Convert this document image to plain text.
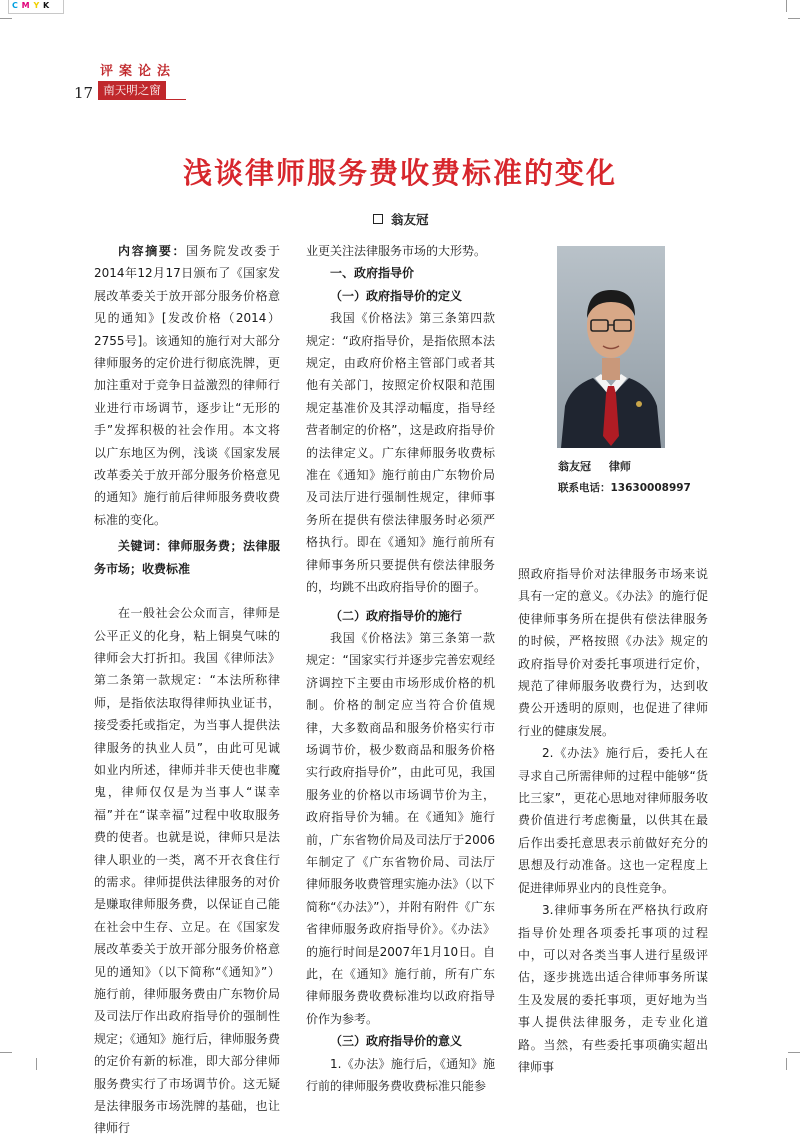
C M Y K
评案论法
17 南天明之窗
浅谈律师服务费收费标准的变化
翁友冠

内容摘要：国务院发改委于2014年12月17日颁布了《国家发展改革委关于放开部分服务价格意见的通知》[发改价格（2014）2755号]。该通知的施行对大部分律师服务的定价进行彻底洗牌，更加注重对于竞争日益激烈的律师行业进行市场调节，逐步让“无形的手”发挥积极的社会作用。本文将以广东地区为例，浅谈《国家发展改革委关于放开部分服务价格意见的通知》施行前后律师服务费收费标准的变化。

关键词：律师服务费；法律服务市场；收费标准

在一般社会公众而言，律师是公平正义的化身，粘上铜臭气味的律师会大打折扣。我国《律师法》第二条第一款规定：“本法所称律师，是指依法取得律师执业证书，接受委托或指定，为当事人提供法律服务的执业人员”，由此可见诚如业内所述，律师并非天使也非魔鬼，律师仅仅是为当事人“谋幸福”并在“谋幸福”过程中收取服务费的使者。也就是说，律师只是法律人职业的一类，离不开衣食住行的需求。律师提供法律服务的对价是赚取律师服务费，以保证自己能在社会中生存、立足。在《国家发展改革委关于放开部分服务价格意见的通知》（以下简称“《通知》”）施行前，律师服务费由广东物价局及司法厅作出政府指导价的强制性规定；《通知》施行后，律师服务费的定价有新的标准，即大部分律师服务费实行了市场调节价。这无疑是法律服务市场洗牌的基础，也让律师行

业更关注法律服务市场的大形势。

一、政府指导价

（一）政府指导价的定义

我国《价格法》第三条第四款规定：“政府指导价，是指依照本法规定，由政府价格主管部门或者其他有关部门，按照定价权限和范围规定基准价及其浮动幅度，指导经营者制定的价格”，这是政府指导价的法律定义。广东律师服务收费标准在《通知》施行前由广东物价局及司法厅进行强制性规定，律师事务所在提供有偿法律服务时必须严格执行。即在《通知》施行前所有律师事务所只要提供有偿法律服务的，均跳不出政府指导价的圈子。

（二）政府指导价的施行

我国《价格法》第三条第一款规定：“国家实行并逐步完善宏观经济调控下主要由市场形成价格的机制。价格的制定应当符合价值规律，大多数商品和服务价格实行市场调节价，极少数商品和服务价格实行政府指导价”，由此可见，我国服务业的价格以市场调节价为主，政府指导价为辅。在《通知》施行前，广东省物价局及司法厅于2006年制定了《广东省物价局、司法厅律师服务收费管理实施办法》（以下简称“《办法》”），并附有附件《广东省律师服务政府指导价》。《办法》的施行时间是2007年1月10日。自此，在《通知》施行前，所有广东律师服务费收费标准均以政府指导价作为参考。

（三）政府指导价的意义

1.《办法》施行后，《通知》施行前的律师服务费收费标准只能参

翁友冠 律师
联系电话：13630008997

照政府指导价对法律服务市场来说具有一定的意义。《办法》的施行促使律师事务所在提供有偿法律服务的时候，严格按照《办法》规定的政府指导价对委托事项进行定价，规范了律师服务收费行为，达到收费公开透明的原则，也促进了律师行业的健康发展。

2.《办法》施行后，委托人在寻求自己所需律师的过程中能够“货比三家”，更花心思地对律师服务收费价值进行考虑衡量，以供其在最后作出委托意思表示前做好充分的思想及行动准备。这也一定程度上促进律师界业内的良性竞争。

3.律师事务所在严格执行政府指导价处理各项委托事项的过程中，可以对各类当事人进行星级评估，逐步挑选出适合律师事务所谋生及发展的委托事项，更好地为当事人提供法律服务，走专业化道路。当然，有些委托事项确实超出律师事
